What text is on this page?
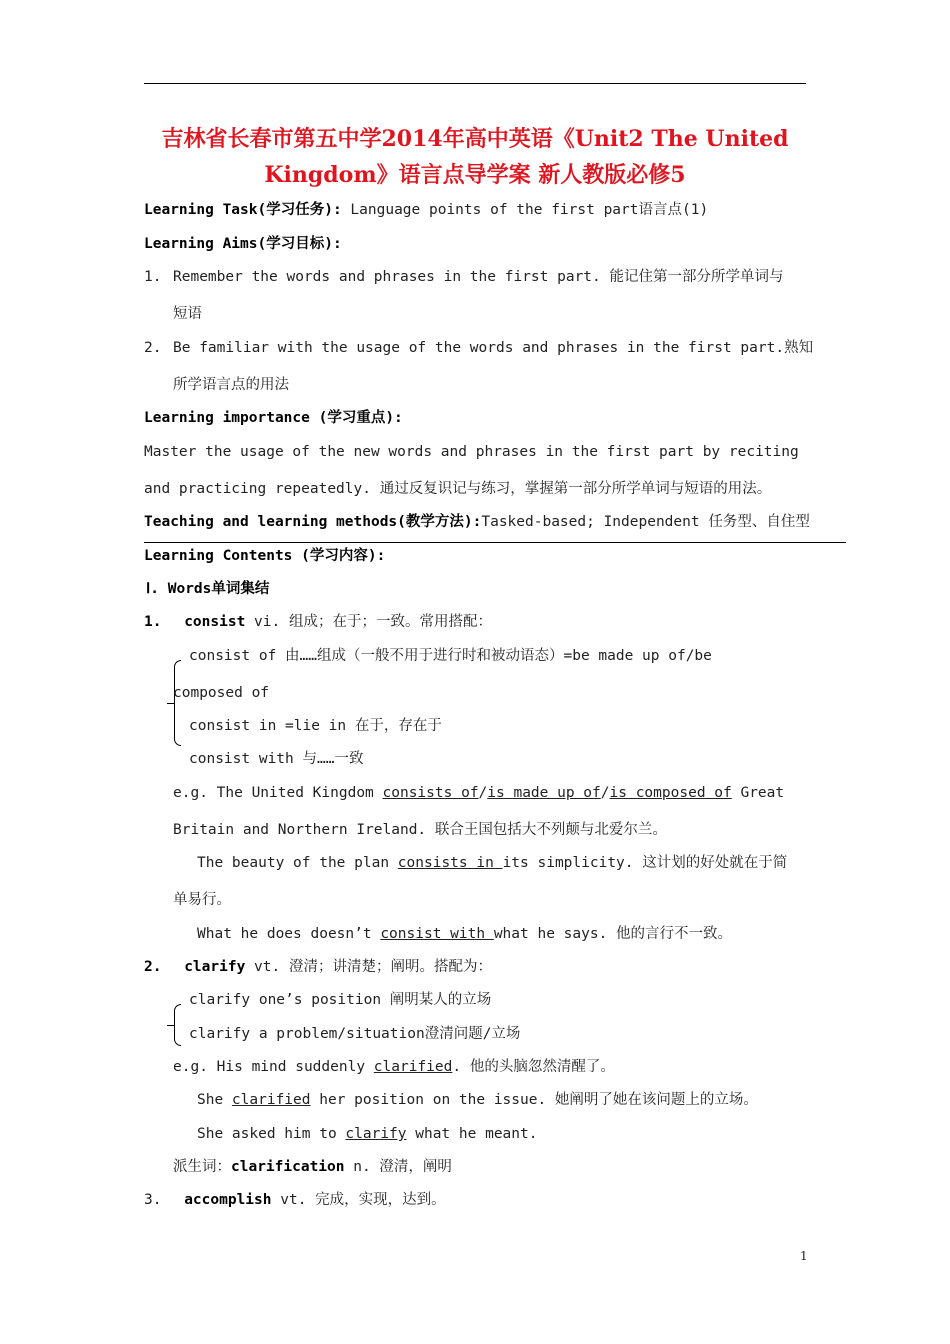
吉林省长春市第五中学2014年高中英语《Unit2 The United
Kingdom》语言点导学案 新人教版必修5
Learning Task(学习任务): Language points of the first part语言点(1)
Learning Aims(学习目标):
1. Remember the words and phrases in the first part. 能记住第一部分所学单词与
短语
2. Be familiar with the usage of the words and phrases in the first part.熟知
所学语言点的用法
Learning importance (学习重点):
Master the usage of the new words and phrases in the first part by reciting
and practicing repeatedly. 通过反复识记与练习，掌握第一部分所学单词与短语的用法。
Teaching and learning methods(教学方法):Tasked-based; Independent 任务型、自住型
Learning Contents (学习内容):
Ⅰ. Words单词集结
1. consist vi. 组成；在于；一致。常用搭配：
consist of 由……组成（一般不用于进行时和被动语态）=be made up of/be
composed of
consist in =lie in 在于，存在于
consist with 与……一致
e.g. The United Kingdom consists of/is made up of/is composed of Great
Britain and Northern Ireland. 联合王国包括大不列颠与北爱尔兰。
The beauty of the plan consists in its simplicity. 这计划的好处就在于简
单易行。
What he does doesn’t consist with what he says. 他的言行不一致。
2. clarify vt. 澄清；讲清楚；阐明。搭配为：
clarify one’s position 阐明某人的立场
clarify a problem/situation澄清问题/立场
e.g. His mind suddenly clarified. 他的头脑忽然清醒了。
She clarified her position on the issue. 她阐明了她在该问题上的立场。
She asked him to clarify what he meant.
派生词：clarification n. 澄清，阐明
3. accomplish vt. 完成，实现，达到。
1
